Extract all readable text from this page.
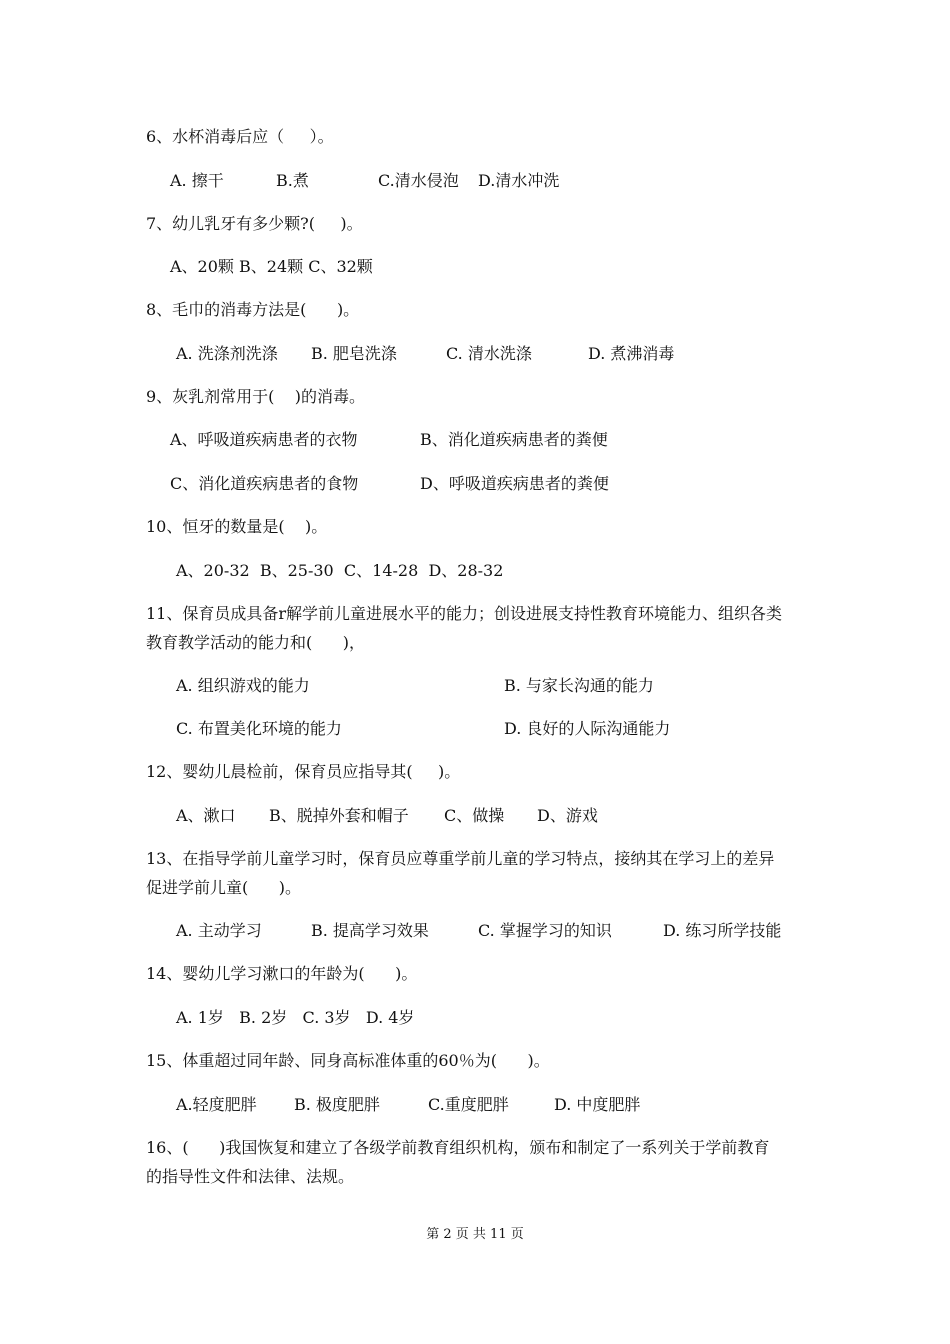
6、水杯消毒后应（     ）。
A. 擦干	B.煮	C.清水侵泡 D.清水冲洗
7、幼儿乳牙有多少颗?(     )。
A、20颗 B、24颗 C、32颗
8、毛巾的消毒方法是(      )。
A. 洗涤剂洗涤 B. 肥皂洗涤	C. 清水洗涤	D. 煮沸消毒
9、灰乳剂常用于(    )的消毒。
A、呼吸道疾病患者的衣物	B、消化道疾病患者的粪便
C、消化道疾病患者的食物	D、呼吸道疾病患者的粪便
10、恒牙的数量是(    )。
A、20-32  B、25-30  C、14-28  D、28-32
11、保育员成具备r解学前儿童进展水平的能力；创设进展支持性教育环境能力、组织各类
教育教学活动的能力和(      )，
A. 组织游戏的能力	B. 与家长沟通的能力
C. 布置美化环境的能力	D. 良好的人际沟通能力
12、婴幼儿晨检前，保育员应指导其(     )。
A、漱口 B、脱掉外套和帽子 C、做操 D、游戏
13、在指导学前儿童学习时，保育员应尊重学前儿童的学习特点，接纳其在学习上的差异
促进学前儿童(      )。
A. 主动学习	B. 提高学习效果	C. 掌握学习的知识	D. 练习所学技能
14、婴幼儿学习漱口的年龄为(      )。
A. 1岁   B. 2岁   C. 3岁   D. 4岁
15、体重超过同年龄、同身高标准体重的60％为(      )。
A.轻度肥胖 B. 极度肥胖	C.重度肥胖	D. 中度肥胖
16、(      )我国恢复和建立了各级学前教育组织机构，颁布和制定了一系列关于学前教育
的指导性文件和法律、法规。
第 2 页 共 11 页
